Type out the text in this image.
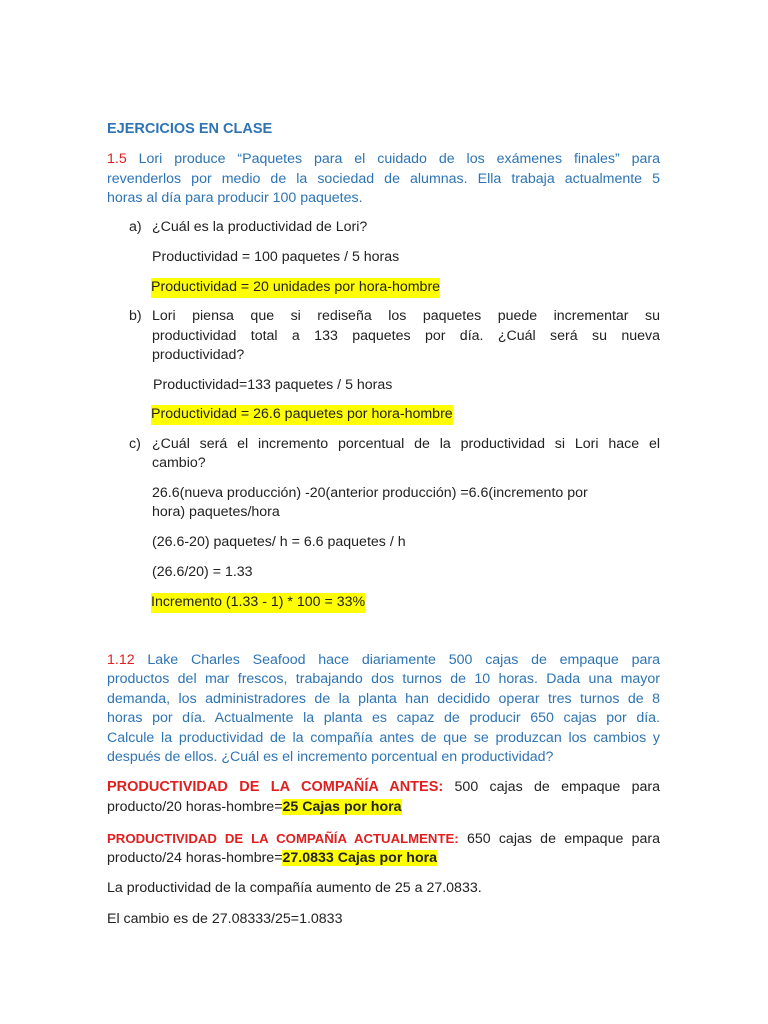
EJERCICIOS EN CLASE
1.5 Lori produce “Paquetes para el cuidado de los exámenes finales” para
revenderlos por medio de la sociedad de alumnas. Ella trabaja actualmente 5
horas al día para producir 100 paquetes.
a) ¿Cuál es la productividad de Lori?
Productividad = 100 paquetes / 5 horas
Productividad = 20 unidades por hora-hombre
b) Lori piensa que si rediseña los paquetes puede incrementar su
productividad total a 133 paquetes por día. ¿Cuál será su nueva
productividad?
Productividad=133 paquetes / 5 horas
Productividad = 26.6 paquetes por hora-hombre
c) ¿Cuál será el incremento porcentual de la productividad si Lori hace el
cambio?
26.6(nueva producción) -20(anterior producción) =6.6(incremento por
hora) paquetes/hora
(26.6-20) paquetes/ h = 6.6 paquetes / h
(26.6/20) = 1.33
Incremento (1.33 - 1) * 100 = 33%
1.12 Lake Charles Seafood hace diariamente 500 cajas de empaque para
productos del mar frescos, trabajando dos turnos de 10 horas. Dada una mayor
demanda, los administradores de la planta han decidido operar tres turnos de 8
horas por día. Actualmente la planta es capaz de producir 650 cajas por día.
Calcule la productividad de la compañía antes de que se produzcan los cambios y
después de ellos. ¿Cuál es el incremento porcentual en productividad?
PRODUCTIVIDAD DE LA COMPAÑÍA ANTES: 500 cajas de empaque para
producto/20 horas-hombre=25 Cajas por hora
PRODUCTIVIDAD DE LA COMPAÑÍA ACTUALMENTE: 650 cajas de empaque para
producto/24 horas-hombre=27.0833 Cajas por hora
La productividad de la compañía aumento de 25 a 27.0833.
El cambio es de 27.08333/25=1.0833
